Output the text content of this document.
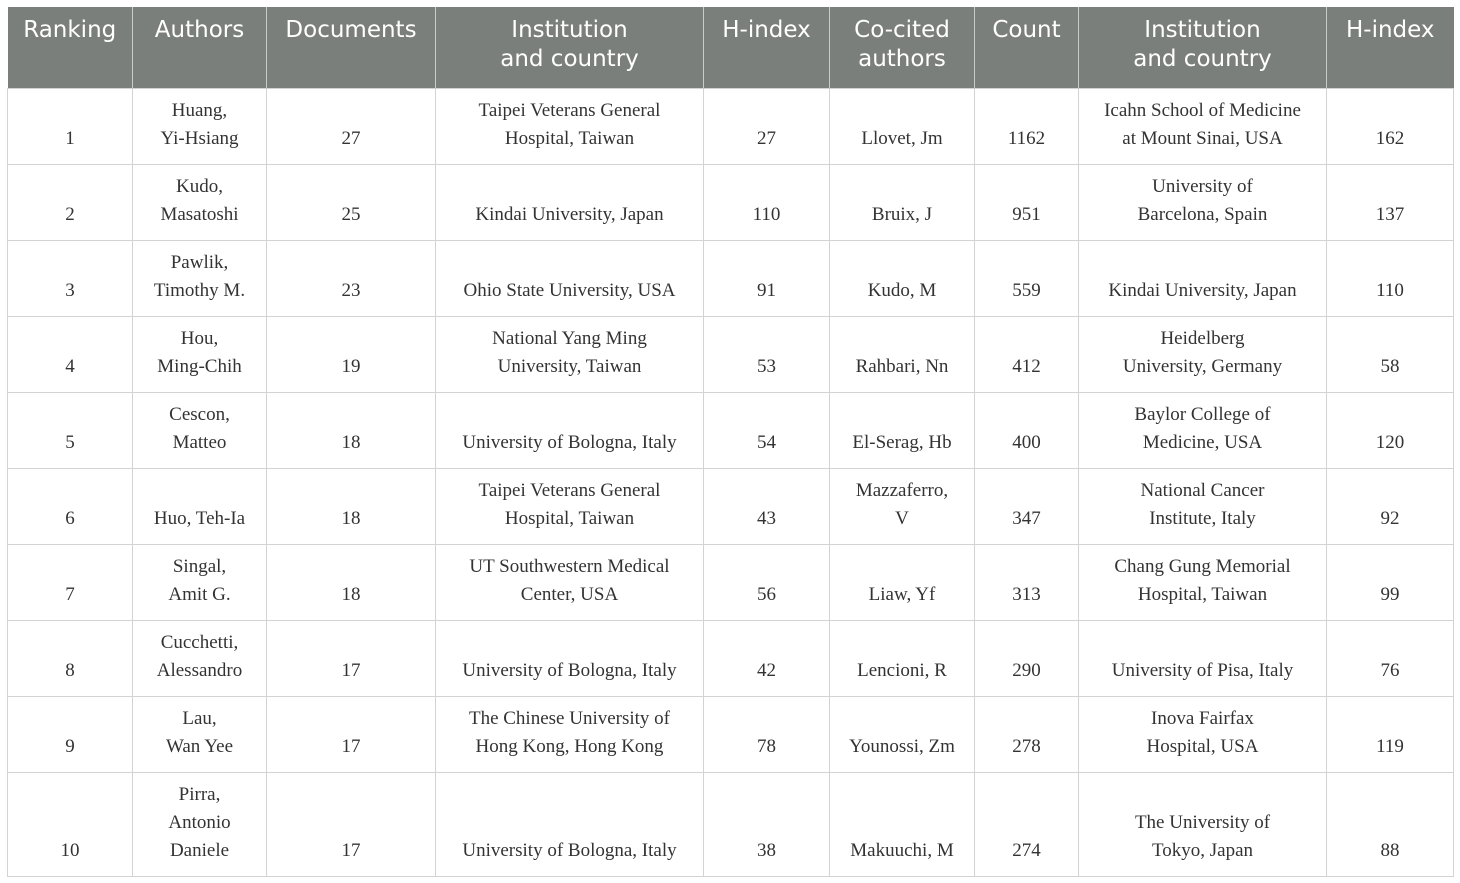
Ranking	Authors	Documents	Institution
and country	H-index	Co-cited
authors	Count	Institution
and country	H-index
1	Huang,
Yi-Hsiang	27	Taipei Veterans General
Hospital, Taiwan	27	Llovet, Jm	1162	Icahn School of Medicine
at Mount Sinai, USA	162
2	Kudo,
Masatoshi	25	Kindai University, Japan	110	Bruix, J	951	University of
Barcelona, Spain	137
3	Pawlik,
Timothy M.	23	Ohio State University, USA	91	Kudo, M	559	Kindai University, Japan	110
4	Hou,
Ming-Chih	19	National Yang Ming
University, Taiwan	53	Rahbari, Nn	412	Heidelberg
University, Germany	58
5	Cescon,
Matteo	18	University of Bologna, Italy	54	El-Serag, Hb	400	Baylor College of
Medicine, USA	120
6	Huo, Teh-Ia	18	Taipei Veterans General
Hospital, Taiwan	43	Mazzaferro,
V	347	National Cancer
Institute, Italy	92
7	Singal,
Amit G.	18	UT Southwestern Medical
Center, USA	56	Liaw, Yf	313	Chang Gung Memorial
Hospital, Taiwan	99
8	Cucchetti,
Alessandro	17	University of Bologna, Italy	42	Lencioni, R	290	University of Pisa, Italy	76
9	Lau,
Wan Yee	17	The Chinese University of
Hong Kong, Hong Kong	78	Younossi, Zm	278	Inova Fairfax
Hospital, USA	119
10	Pirra,
Antonio
Daniele	17	University of Bologna, Italy	38	Makuuchi, M	274	The University of
Tokyo, Japan	88
